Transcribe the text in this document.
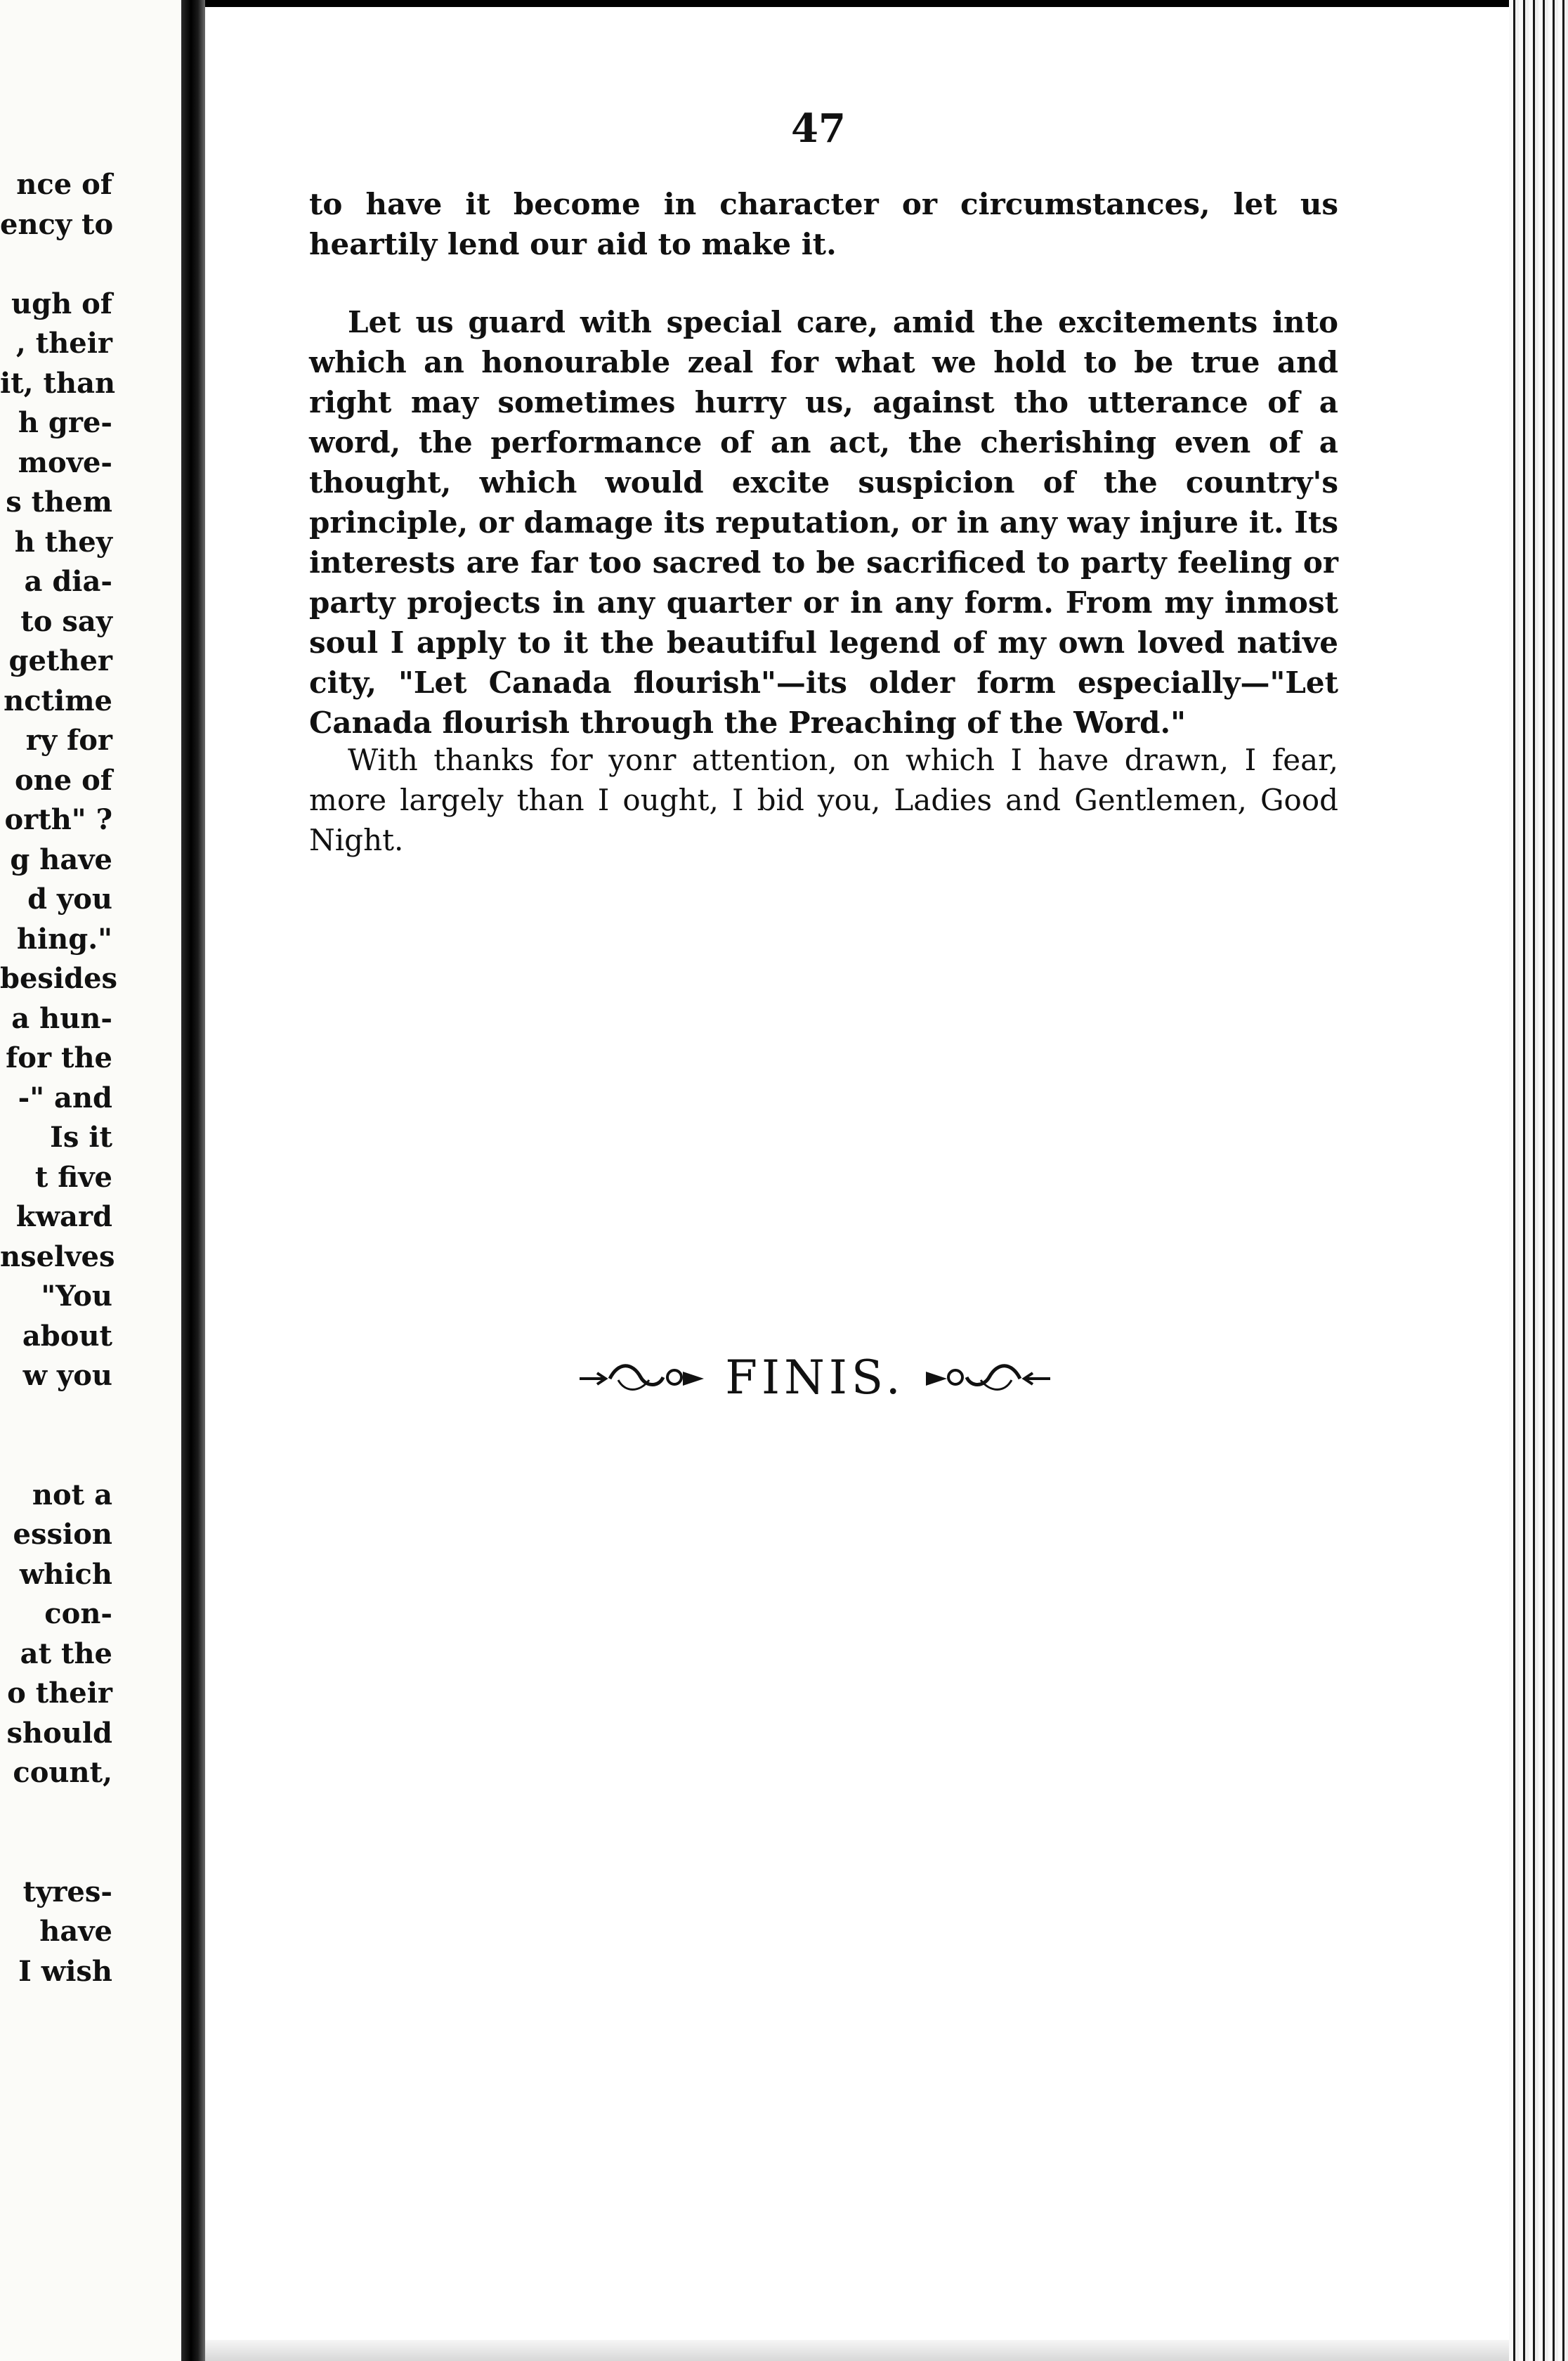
nce of
ency to
ugh of
, their
it, than
h gre-
move-
s them
h they
a dia-
to say
gether
nctime
ry for
one of
orth" ?
g have
d you
hing."
besides
a hun-
for the
-" and
Is it
t five
kward
nselves
"You
about
w you
not a
ession
which
con-
at the
o their
should
count,
tyres-
have
I wish
47

to have it become in character or circumstances, let us heartily lend our aid to make it.

Let us guard with special care, amid the excitements into which an honourable zeal for what we hold to be true and right may sometimes hurry us, against tho utterance of a word, the performance of an act, the cherishing even of a thought, which would excite suspicion of the country's principle, or damage its reputation, or in any way injure it. Its interests are far too sacred to be sacrificed to party feeling or party projects in any quarter or in any form. From my inmost soul I apply to it the beautiful legend of my own loved native city, "Let Canada flourish"—its older form especially—"Let Canada flourish through the Preaching of the Word."

With thanks for yonr attention, on which I have drawn, I fear, more largely than I ought, I bid you, Ladies and Gentlemen, Good Night.

FINIS.
